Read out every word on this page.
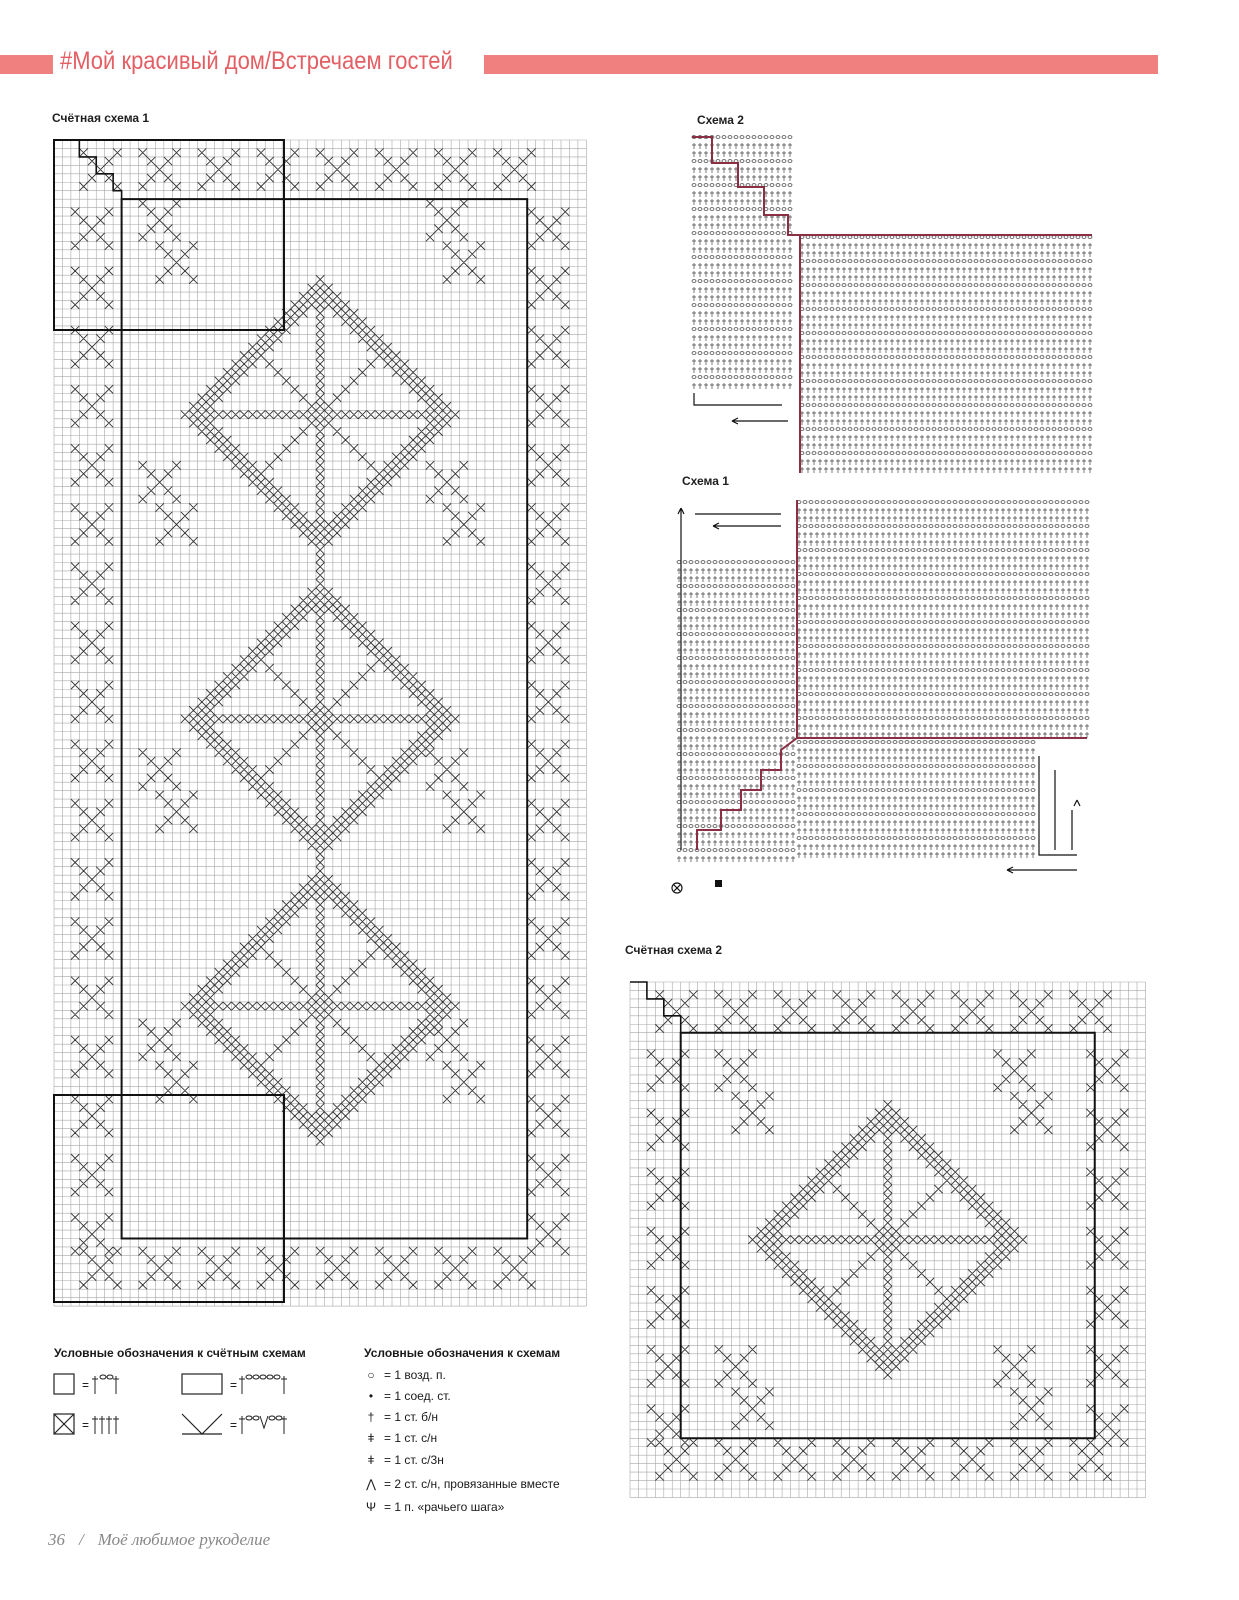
#Мой красивый дом/Встречаем гостей
Счётная схема 1	Схема 2
Схема 1
Счётная схема 2
Условные обозначения к счётным схемам
=	=
=	=
Условные обозначения к схемам
○ = 1 возд. п.
• = 1 соед. ст.
† = 1 ст. б/н
ǂ = 1 ст. с/н
ǂ = 1 ст. с/3н
⋀ = 2 ст. с/н, провязанные вместе
Ψ = 1 п. «рачьего шага»
36 / Моё любимое рукоделие
